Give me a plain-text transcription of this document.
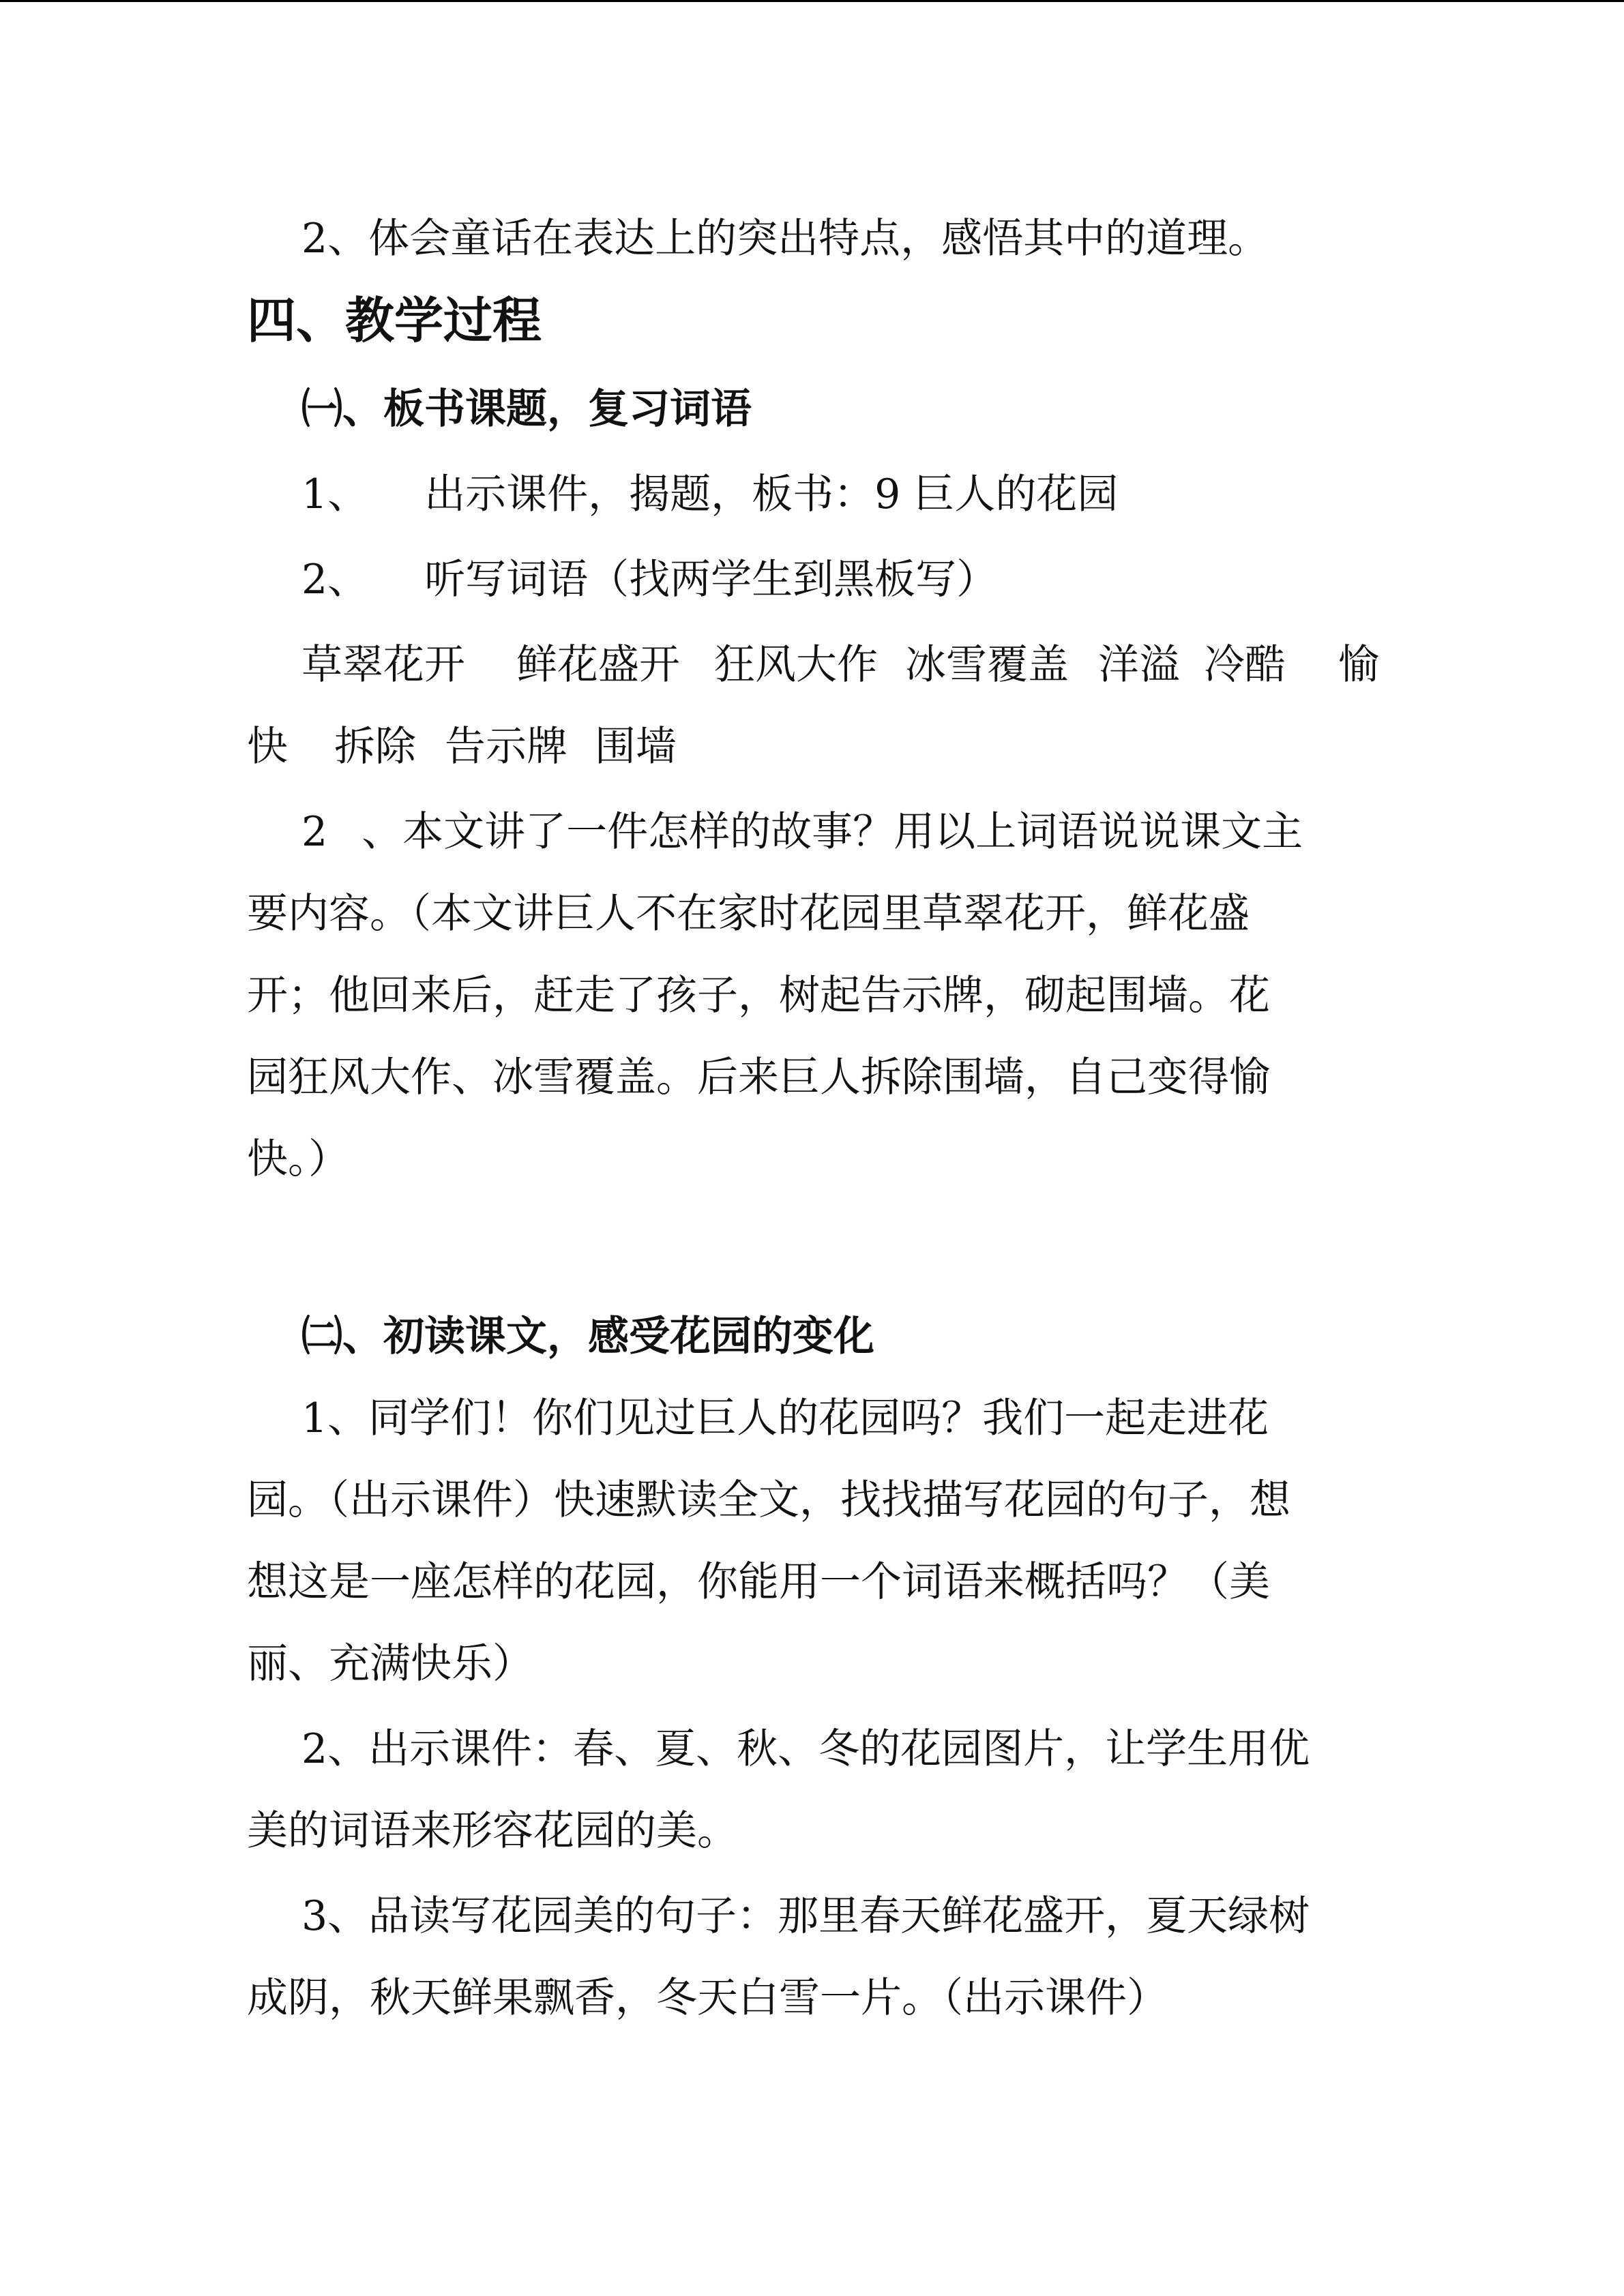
2、体会童话在表达上的突出特点，感悟其中的道理。
四、教学过程
㈠、板书课题，复习词语
1、 出示课件，揭题，板书：9 巨人的花园
2、 听写词语（找两学生到黑板写）
草翠花开 鲜花盛开 狂风大作 冰雪覆盖 洋溢 冷酷 愉
快 拆除 告示牌 围墙
2 、本文讲了一件怎样的故事？用以上词语说说课文主
要内容。（本文讲巨人不在家时花园里草翠花开，鲜花盛
开；他回来后，赶走了孩子，树起告示牌，砌起围墙。花
园狂风大作、冰雪覆盖。后来巨人拆除围墙，自己变得愉
快。）
㈡、初读课文，感受花园的变化
1、同学们！你们见过巨人的花园吗？我们一起走进花
园。（出示课件）快速默读全文，找找描写花园的句子，想
想这是一座怎样的花园，你能用一个词语来概括吗？（美
丽、充满快乐）
2、出示课件：春、夏、秋、冬的花园图片，让学生用优
美的词语来形容花园的美。
3、品读写花园美的句子：那里春天鲜花盛开，夏天绿树
成阴，秋天鲜果飘香，冬天白雪一片。（出示课件）
